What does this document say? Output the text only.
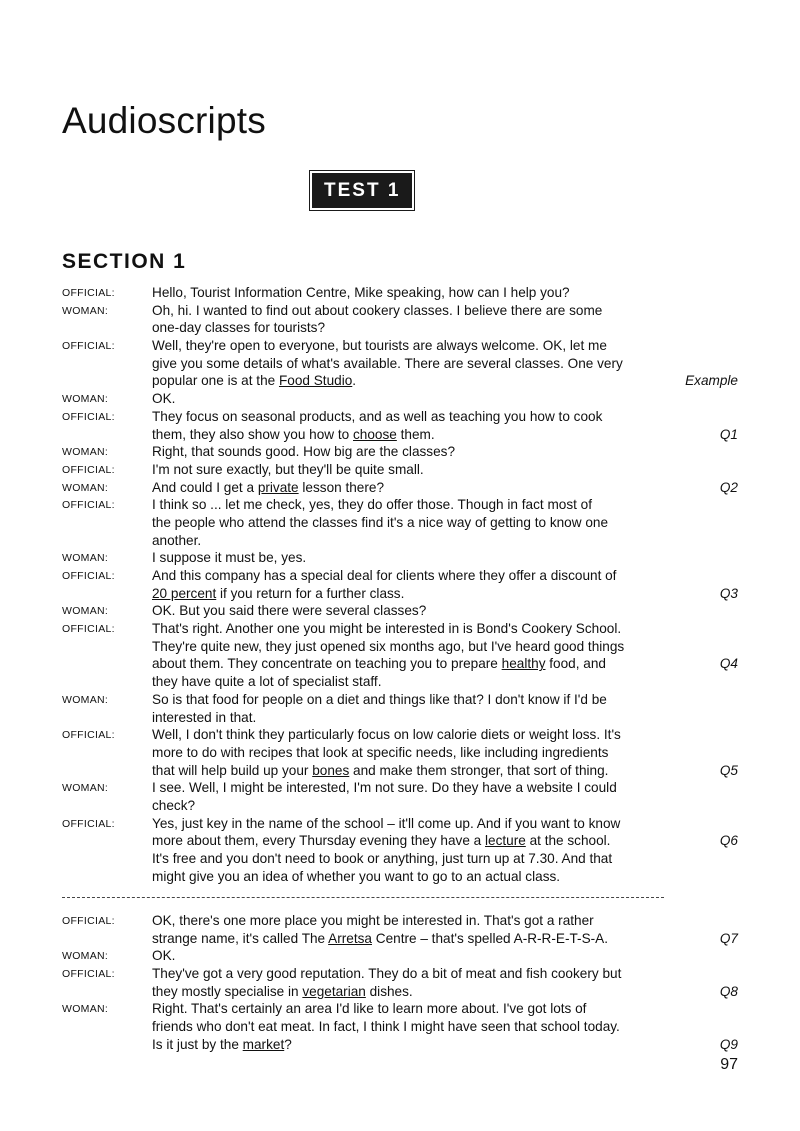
Audioscripts
TEST 1
SECTION 1
OFFICIAL:	Hello, Tourist Information Centre, Mike speaking, how can I help you?
WOMAN:	Oh, hi. I wanted to find out about cookery classes. I believe there are some
one-day classes for tourists?
OFFICIAL:	Well, they're open to everyone, but tourists are always welcome. OK, let me
give you some details of what's available. There are several classes. One very
popular one is at the Food Studio.	Example
WOMAN:	OK.
OFFICIAL:	They focus on seasonal products, and as well as teaching you how to cook
them, they also show you how to choose them.	Q1
WOMAN:	Right, that sounds good. How big are the classes?
OFFICIAL:	I'm not sure exactly, but they'll be quite small.
WOMAN:	And could I get a private lesson there?	Q2
OFFICIAL:	I think so ... let me check, yes, they do offer those. Though in fact most of
the people who attend the classes find it's a nice way of getting to know one
another.
WOMAN:	I suppose it must be, yes.
OFFICIAL:	And this company has a special deal for clients where they offer a discount of
20 percent if you return for a further class.	Q3
WOMAN:	OK. But you said there were several classes?
OFFICIAL:	That's right. Another one you might be interested in is Bond's Cookery School.
They're quite new, they just opened six months ago, but I've heard good things
about them. They concentrate on teaching you to prepare healthy food, and	Q4
they have quite a lot of specialist staff.
WOMAN:	So is that food for people on a diet and things like that? I don't know if I'd be
interested in that.
OFFICIAL:	Well, I don't think they particularly focus on low calorie diets or weight loss. It's
more to do with recipes that look at specific needs, like including ingredients
that will help build up your bones and make them stronger, that sort of thing.	Q5
WOMAN:	I see. Well, I might be interested, I'm not sure. Do they have a website I could
check?
OFFICIAL:	Yes, just key in the name of the school – it'll come up. And if you want to know
more about them, every Thursday evening they have a lecture at the school.	Q6
It's free and you don't need to book or anything, just turn up at 7.30. And that
might give you an idea of whether you want to go to an actual class.
OFFICIAL:	OK, there's one more place you might be interested in. That's got a rather
strange name, it's called The Arretsa Centre – that's spelled A-R-R-E-T-S-A.	Q7
WOMAN:	OK.
OFFICIAL:	They've got a very good reputation. They do a bit of meat and fish cookery but
they mostly specialise in vegetarian dishes.	Q8
WOMAN:	Right. That's certainly an area I'd like to learn more about. I've got lots of
friends who don't eat meat. In fact, I think I might have seen that school today.
Is it just by the market?	Q9
97
